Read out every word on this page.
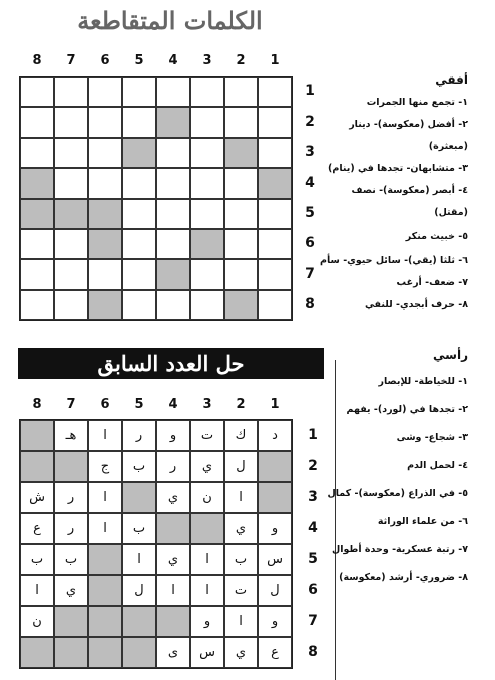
الكلمات المتقاطعة
1
2
3
4
5
6
7
8
1
2
3
4
5
6
7
8
أفقي
١- تجمع منها الجمرات
٢- أفضل (معكوسة)- دينار
(مبعثرة)
٣- متشابهان- تجدها في (ينام)
٤- أبصر (معكوسة)- نصف
(مقتل)
٥- خبيث منكر
٦- ثلثا (يقي)- سائل حيوي- سأم
٧- ضعف- أرغب
٨- حرف أبجدي- للنفي
حل العدد السابق
1
2
3
4
5
6
7
8
1
د
ك
ت
و
ر
ا
هـ
2
ل
ي
ر
ب
ج
3
ا
ن
ي
ا
ر
ش
4
و
ي
ب
ا
ر
ع
5
س
ب
ا
ي
ا
ب
ب
6
ل
ت
ا
ا
ل
ي
ا
7
و
ا
و
ن
8
ع
ي
س
ى
رأسي
١- للخياطة- للإبصار
٢- تجدها في (لورد)- يفهم
٣- شجاع- وشى
٤- لحمل الدم
٥- في الذراع (معكوسة)- كمال
٦- من علماء الوراثة
٧- رتبة عسكرية- وحدة أطوال
٨- ضروري- أرشد (معكوسة)
